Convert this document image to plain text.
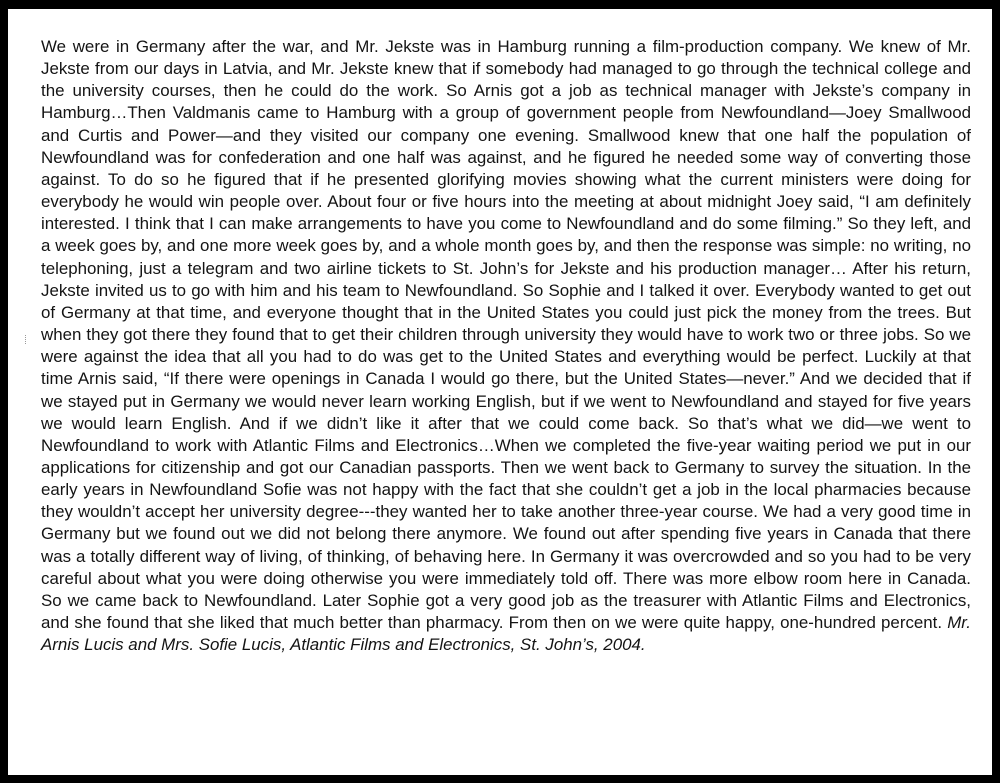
We were in Germany after the war, and Mr. Jekste was in Hamburg running a film-production company. We knew of Mr. Jekste from our days in Latvia, and Mr. Jekste knew that if somebody had managed to go through the technical college and the university courses, then he could do the work. So Arnis got a job as technical manager with Jekste’s company in Hamburg…Then Valdmanis came to Hamburg with a group of government people from Newfoundland—Joey Smallwood and Curtis and Power—and they visited our company one evening. Smallwood knew that one half the population of Newfoundland was for confederation and one half was against, and he figured he needed some way of converting those against. To do so he figured that if he presented glorifying movies showing what the current ministers were doing for everybody he would win people over. About four or five hours into the meeting at about midnight Joey said, “I am definitely interested. I think that I can make arrangements to have you come to Newfoundland and do some filming.” So they left, and a week goes by, and one more week goes by, and a whole month goes by, and then the response was simple: no writing, no telephoning, just a telegram and two airline tickets to St. John’s for Jekste and his production manager… After his return, Jekste invited us to go with him and his team to Newfoundland. So Sophie and I talked it over. Everybody wanted to get out of Germany at that time, and everyone thought that in the United States you could just pick the money from the trees. But when they got there they found that to get their children through university they would have to work two or three jobs. So we were against the idea that all you had to do was get to the United States and everything would be perfect. Luckily at that time Arnis said, “If there were openings in Canada I would go there, but the United States—never.” And we decided that if we stayed put in Germany we would never learn working English, but if we went to Newfoundland and stayed for five years we would learn English. And if we didn’t like it after that we could come back. So that’s what we did—we went to Newfoundland to work with Atlantic Films and Electronics…When we completed the five-year waiting period we put in our applications for citizenship and got our Canadian passports. Then we went back to Germany to survey the situation. In the early years in Newfoundland Sofie was not happy with the fact that she couldn’t get a job in the local pharmacies because they wouldn’t accept her university degree---they wanted her to take another three-year course. We had a very good time in Germany but we found out we did not belong there anymore. We found out after spending five years in Canada that there was a totally different way of living, of thinking, of behaving here. In Germany it was overcrowded and so you had to be very careful about what you were doing otherwise you were immediately told off. There was more elbow room here in Canada. So we came back to Newfoundland. Later Sophie got a very good job as the treasurer with Atlantic Films and Electronics, and she found that she liked that much better than pharmacy. From then on we were quite happy, one-hundred percent. Mr. Arnis Lucis and Mrs. Sofie Lucis, Atlantic Films and Electronics, St. John’s, 2004.
